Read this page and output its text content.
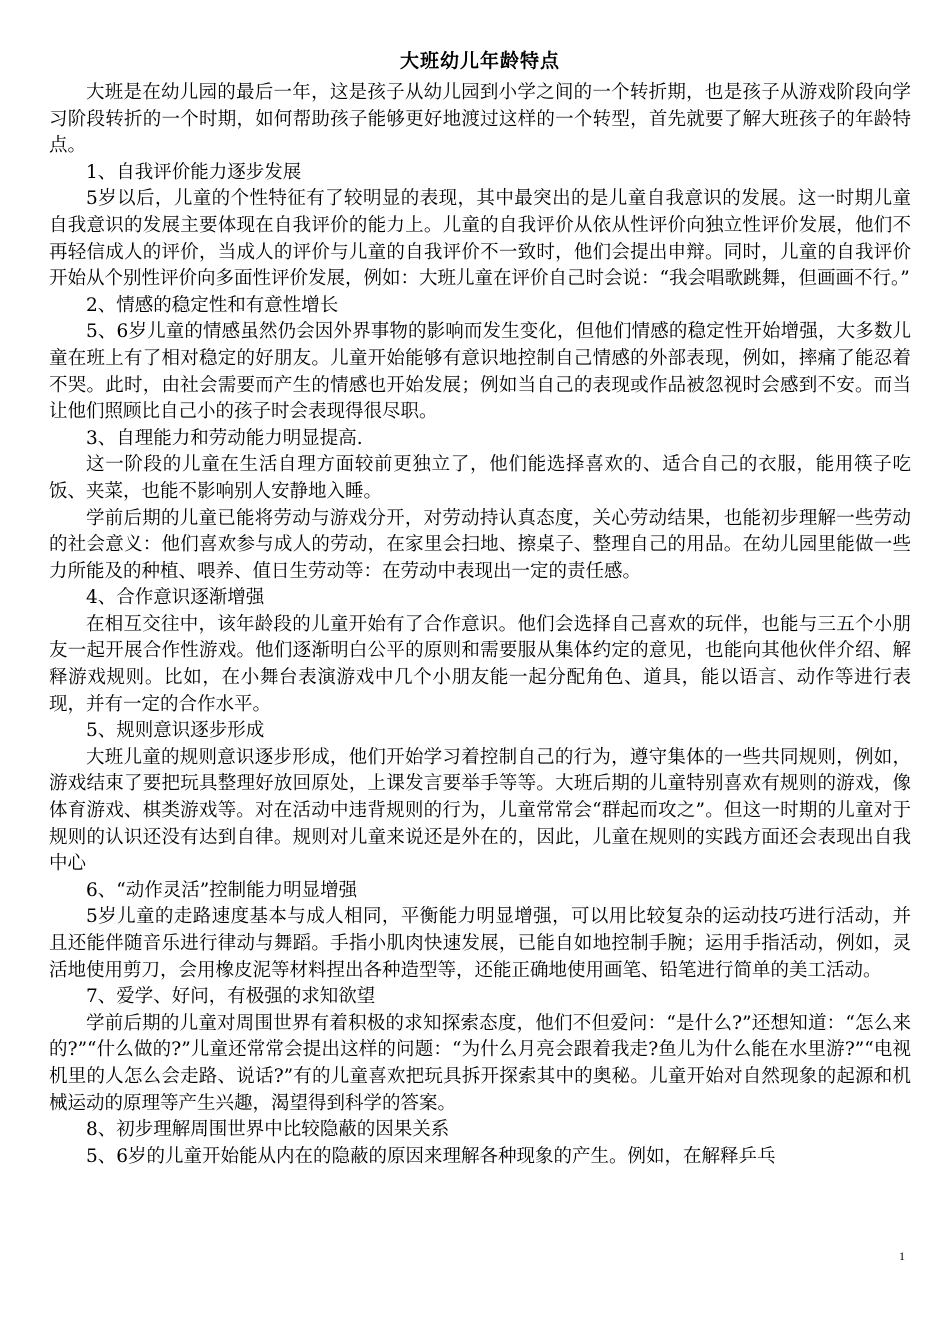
大班幼儿年龄特点

大班是在幼儿园的最后一年，这是孩子从幼儿园到小学之间的一个转折期，也是孩子从游戏阶段向学习阶段转折的一个时期，如何帮助孩子能够更好地渡过这样的一个转型，首先就要了解大班孩子的年龄特点。

1、自我评价能力逐步发展

5岁以后，儿童的个性特征有了较明显的表现，其中最突出的是儿童自我意识的发展。这一时期儿童自我意识的发展主要体现在自我评价的能力上。儿童的自我评价从依从性评价向独立性评价发展，他们不再轻信成人的评价，当成人的评价与儿童的自我评价不一致时，他们会提出申辩。同时，儿童的自我评价开始从个别性评价向多面性评价发展，例如：大班儿童在评价自己时会说：“我会唱歌跳舞，但画画不行。”

2、情感的稳定性和有意性增长

5、6岁儿童的情感虽然仍会因外界事物的影响而发生变化，但他们情感的稳定性开始增强，大多数儿童在班上有了相对稳定的好朋友。儿童开始能够有意识地控制自己情感的外部表现，例如，摔痛了能忍着不哭。此时，由社会需要而产生的情感也开始发展；例如当自己的表现或作品被忽视时会感到不安。而当让他们照顾比自己小的孩子时会表现得很尽职。

3、自理能力和劳动能力明显提高.

这一阶段的儿童在生活自理方面较前更独立了，他们能选择喜欢的、适合自己的衣服，能用筷子吃饭、夹菜，也能不影响别人安静地入睡。

学前后期的儿童已能将劳动与游戏分开，对劳动持认真态度，关心劳动结果，也能初步理解一些劳动的社会意义：他们喜欢参与成人的劳动，在家里会扫地、擦桌子、整理自己的用品。在幼儿园里能做一些力所能及的种植、喂养、值日生劳动等：在劳动中表现出一定的责任感。

4、合作意识逐渐增强

在相互交往中，该年龄段的儿童开始有了合作意识。他们会选择自己喜欢的玩伴，也能与三五个小朋友一起开展合作性游戏。他们逐渐明白公平的原则和需要服从集体约定的意见，也能向其他伙伴介绍、解释游戏规则。比如，在小舞台表演游戏中几个小朋友能一起分配角色、道具，能以语言、动作等进行表现，并有一定的合作水平。

5、规则意识逐步形成

大班儿童的规则意识逐步形成，他们开始学习着控制自己的行为，遵守集体的一些共同规则，例如，游戏结束了要把玩具整理好放回原处，上课发言要举手等等。大班后期的儿童特别喜欢有规则的游戏，像体育游戏、棋类游戏等。对在活动中违背规则的行为，儿童常常会“群起而攻之”。但这一时期的儿童对于规则的认识还没有达到自律。规则对儿童来说还是外在的，因此，儿童在规则的实践方面还会表现出自我中心

6、“动作灵活”控制能力明显增强

5岁儿童的走路速度基本与成人相同，平衡能力明显增强，可以用比较复杂的运动技巧进行活动，并且还能伴随音乐进行律动与舞蹈。手指小肌肉快速发展，已能自如地控制手腕；运用手指活动，例如，灵活地使用剪刀，会用橡皮泥等材料捏出各种造型等，还能正确地使用画笔、铅笔进行简单的美工活动。

7、爱学、好问，有极强的求知欲望

学前后期的儿童对周围世界有着积极的求知探索态度，他们不但爱问：“是什么?”还想知道：“怎么来的?”“什么做的?”儿童还常常会提出这样的问题：“为什么月亮会跟着我走?鱼儿为什么能在水里游?”“电视机里的人怎么会走路、说话?”有的儿童喜欢把玩具拆开探索其中的奥秘。儿童开始对自然现象的起源和机械运动的原理等产生兴趣，渴望得到科学的答案。

8、初步理解周围世界中比较隐蔽的因果关系

5、6岁的儿童开始能从内在的隐蔽的原因来理解各种现象的产生。例如，在解释乒乓

1
